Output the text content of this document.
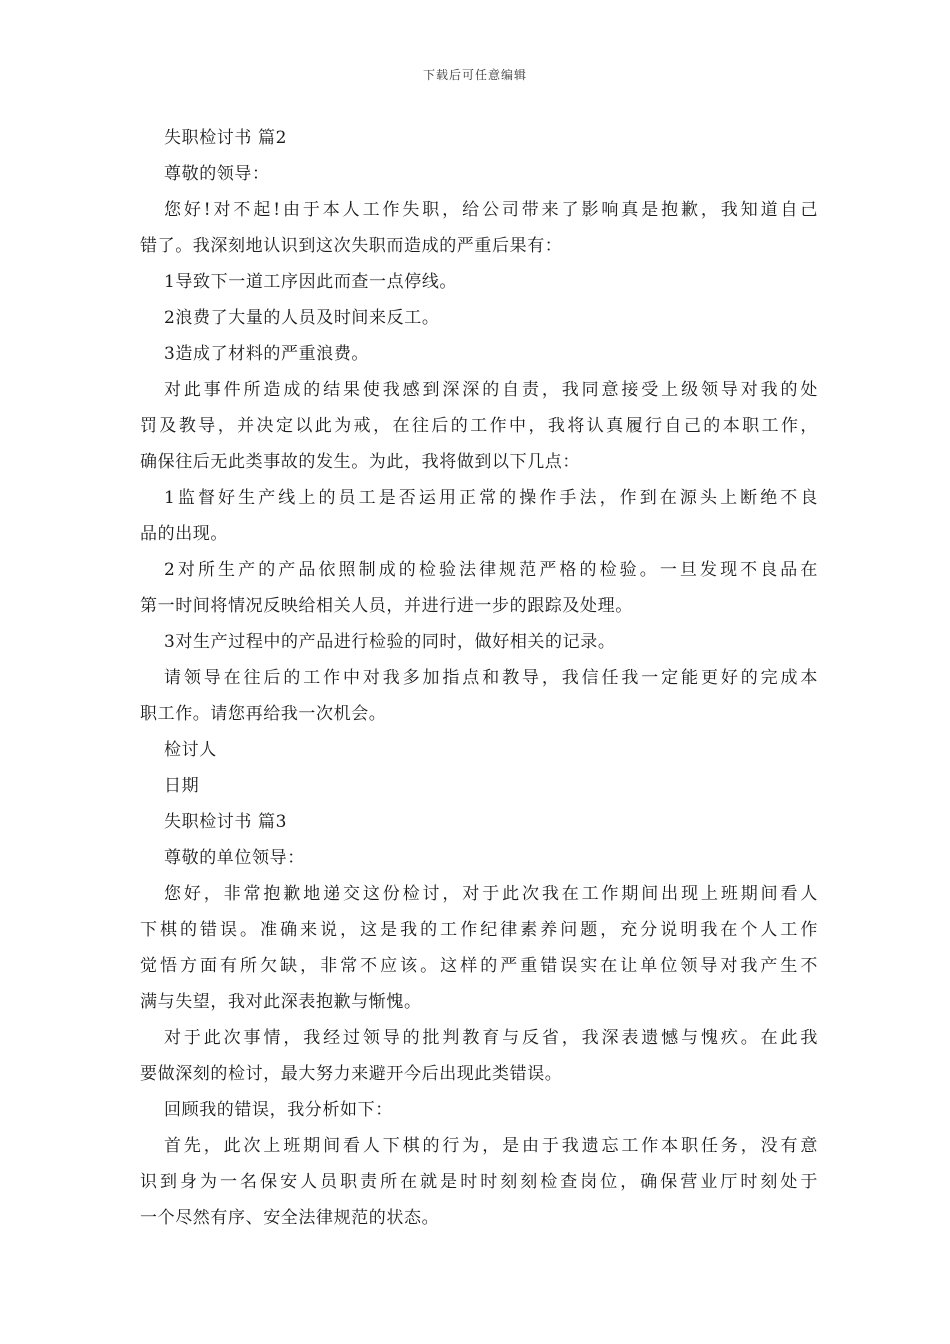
下载后可任意编辑
失职检讨书 篇2
尊敬的领导：
您好!对不起!由于本人工作失职，给公司带来了影响真是抱歉，我知道自己
错了。我深刻地认识到这次失职而造成的严重后果有：
1导致下一道工序因此而查一点停线。
2浪费了大量的人员及时间来反工。
3造成了材料的严重浪费。
对此事件所造成的结果使我感到深深的自责，我同意接受上级领导对我的处
罚及教导，并决定以此为戒，在往后的工作中，我将认真履行自己的本职工作，
确保往后无此类事故的发生。为此，我将做到以下几点：
1监督好生产线上的员工是否运用正常的操作手法，作到在源头上断绝不良
品的出现。
2对所生产的产品依照制成的检验法律规范严格的检验。一旦发现不良品在
第一时间将情况反映给相关人员，并进行进一步的跟踪及处理。
3对生产过程中的产品进行检验的同时，做好相关的记录。
请领导在往后的工作中对我多加指点和教导，我信任我一定能更好的完成本
职工作。请您再给我一次机会。
检讨人
日期
失职检讨书 篇3
尊敬的单位领导：
您好，非常抱歉地递交这份检讨，对于此次我在工作期间出现上班期间看人
下棋的错误。准确来说，这是我的工作纪律素养问题，充分说明我在个人工作
觉悟方面有所欠缺，非常不应该。这样的严重错误实在让单位领导对我产生不
满与失望，我对此深表抱歉与惭愧。
对于此次事情，我经过领导的批判教育与反省，我深表遗憾与愧疚。在此我
要做深刻的检讨，最大努力来避开今后出现此类错误。
回顾我的错误，我分析如下：
首先，此次上班期间看人下棋的行为，是由于我遗忘工作本职任务，没有意
识到身为一名保安人员职责所在就是时时刻刻检查岗位，确保营业厅时刻处于
一个尽然有序、安全法律规范的状态。
